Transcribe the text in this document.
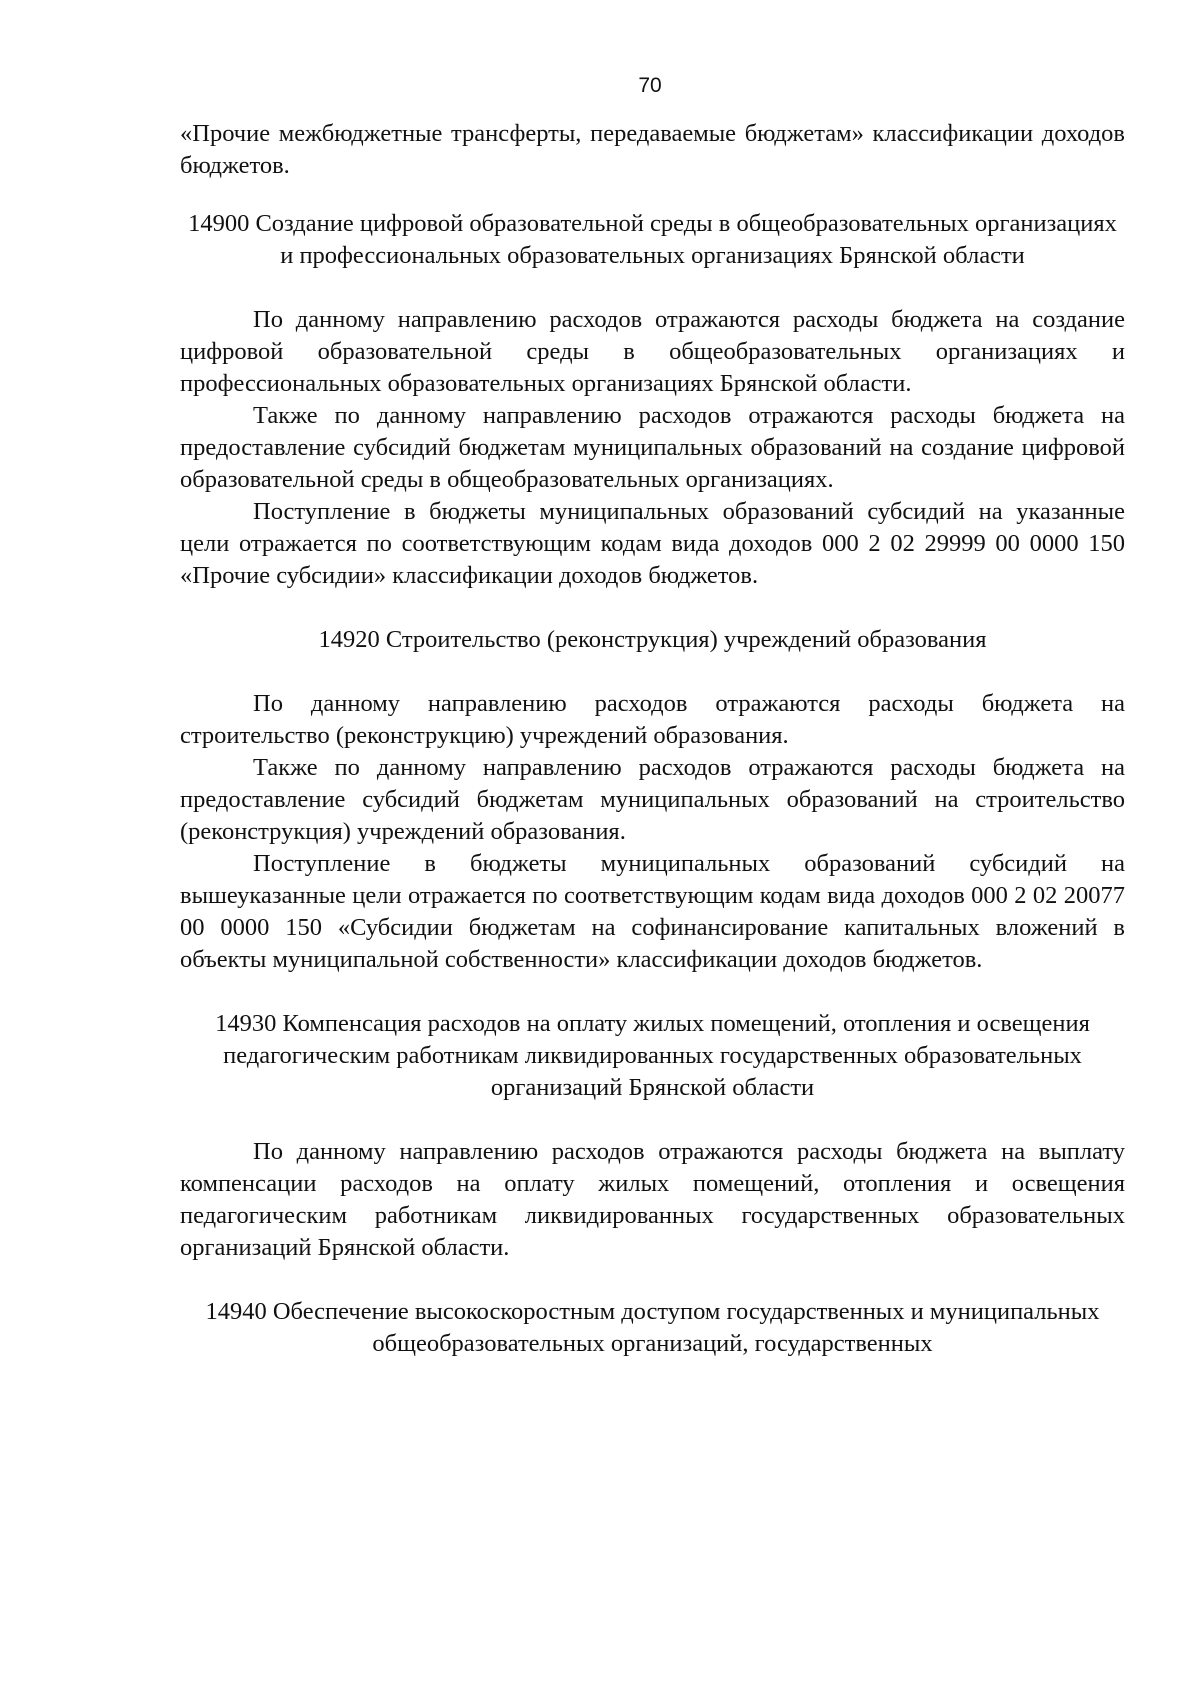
70

«Прочие межбюджетные трансферты, передаваемые бюджетам» классификации доходов бюджетов.

14900 Создание цифровой образовательной среды в общеобразовательных организациях и профессиональных образовательных организациях Брянской области

По данному направлению расходов отражаются расходы бюджета на создание цифровой образовательной среды в общеобразовательных организациях и профессиональных образовательных организациях Брянской области.

Также по данному направлению расходов отражаются расходы бюджета на предоставление субсидий бюджетам муниципальных образований на создание цифровой образовательной среды в общеобразовательных организациях.

Поступление в бюджеты муниципальных образований субсидий на указанные цели отражается по соответствующим кодам вида доходов 000 2 02 29999 00 0000 150 «Прочие субсидии» классификации доходов бюджетов.

14920 Строительство (реконструкция) учреждений образования

По данному направлению расходов отражаются расходы бюджета на строительство (реконструкцию) учреждений образования.

Также по данному направлению расходов отражаются расходы бюджета на предоставление субсидий бюджетам муниципальных образований на строительство (реконструкция) учреждений образования.

Поступление в бюджеты муниципальных образований субсидий на вышеуказанные цели отражается по соответствующим кодам вида доходов 000 2 02 20077 00 0000 150 «Субсидии бюджетам на софинансирование капитальных вложений в объекты муниципальной собственности» классификации доходов бюджетов.

14930 Компенсация расходов на оплату жилых помещений, отопления и освещения педагогическим работникам ликвидированных государственных образовательных организаций Брянской области

По данному направлению расходов отражаются расходы бюджета на выплату компенсации расходов на оплату жилых помещений, отопления и освещения педагогическим работникам ликвидированных государственных образовательных организаций Брянской области.

14940 Обеспечение высокоскоростным доступом государственных и муниципальных общеобразовательных организаций, государственных
